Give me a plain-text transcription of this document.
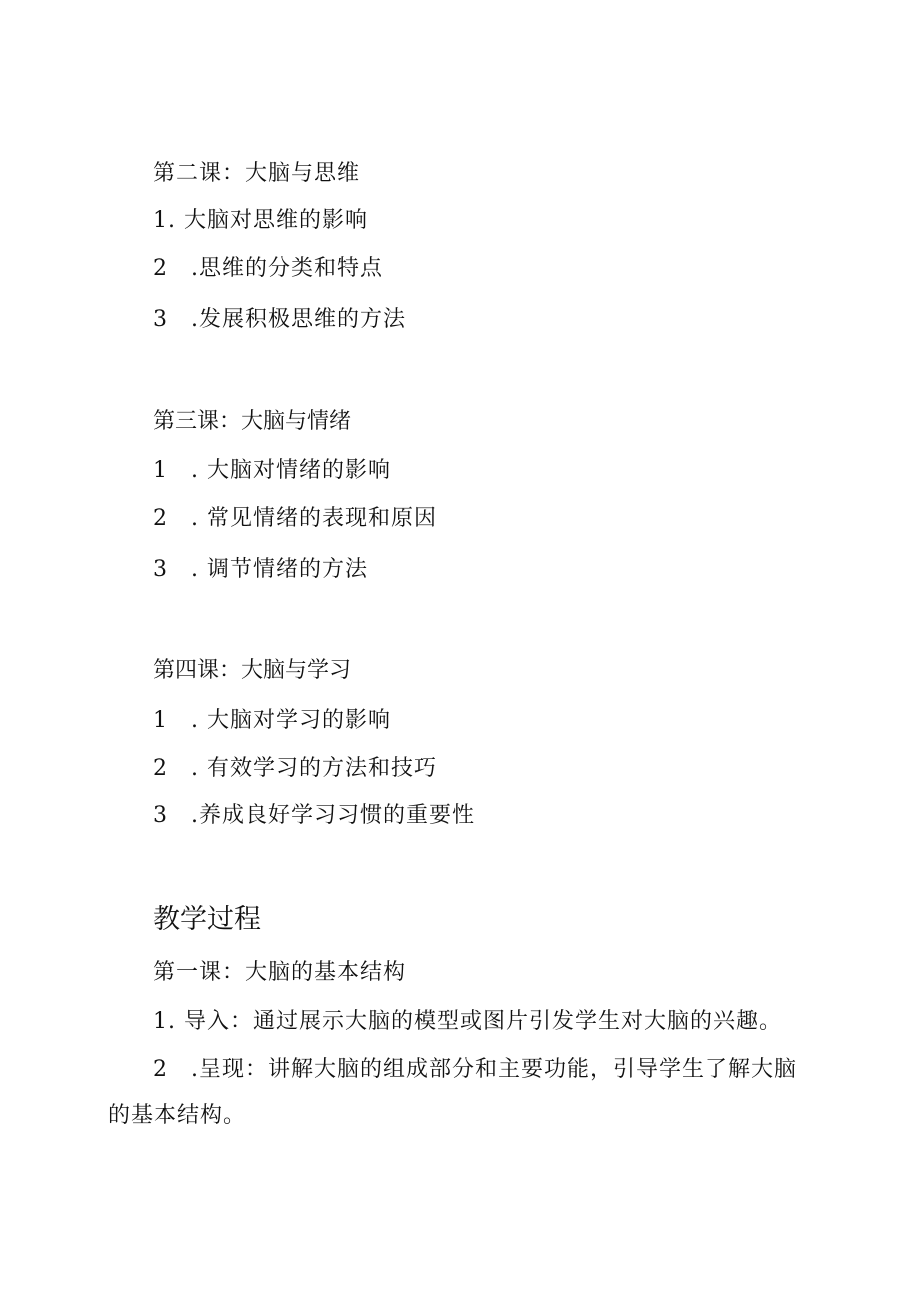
第二课：大脑与思维
1. 大脑对思维的影响
2　.思维的分类和特点
3　.发展积极思维的方法
第三课：大脑与情绪
1　. 大脑对情绪的影响
2　. 常见情绪的表现和原因
3　. 调节情绪的方法
第四课：大脑与学习
1　. 大脑对学习的影响
2　. 有效学习的方法和技巧
3　.养成良好学习习惯的重要性
教学过程
第一课：大脑的基本结构
1. 导入：通过展示大脑的模型或图片引发学生对大脑的兴趣。
2　.呈现：讲解大脑的组成部分和主要功能，引导学生了解大脑
的基本结构。
